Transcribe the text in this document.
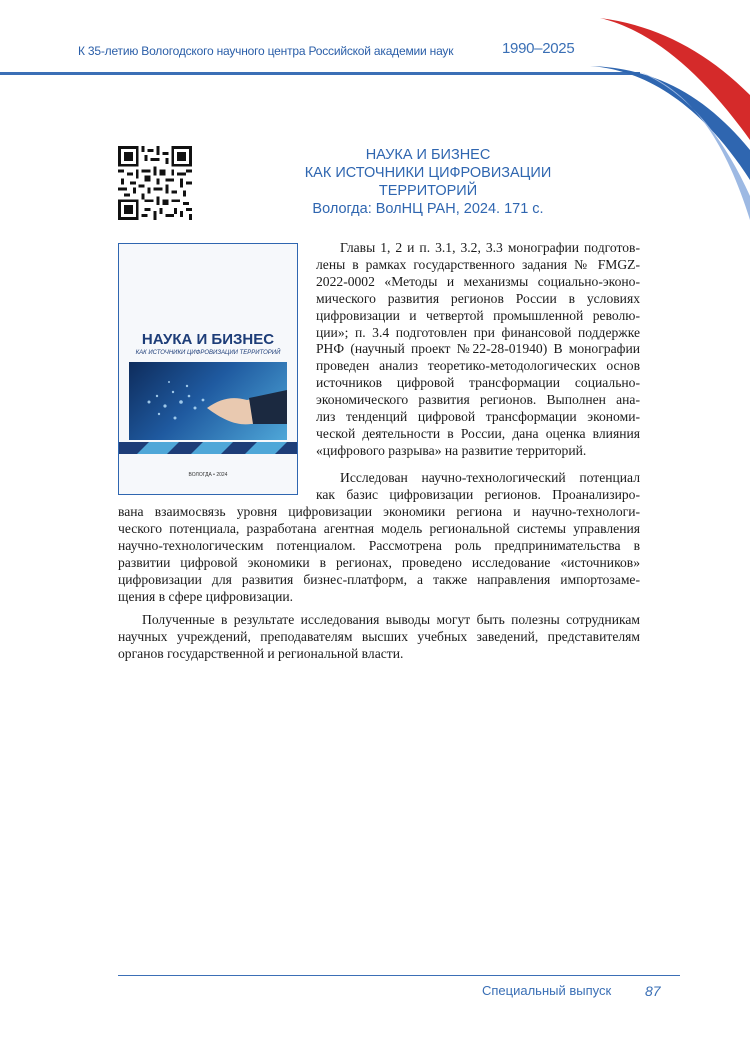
К 35-летию Вологодского научного центра Российской академии наук	1990–2025
НАУКА И БИЗНЕС
КАК ИСТОЧНИКИ ЦИФРОВИЗАЦИИ ТЕРРИТОРИЙ
Вологда: ВолНЦ РАН, 2024. 171 с.
НАУКА И БИЗНЕС
КАК ИСТОЧНИКИ ЦИФРОВИЗАЦИИ ТЕРРИТОРИЙ
ВОЛОГДА • 2024
Главы 1, 2 и п. 3.1, 3.2, 3.3 монографии подготов-
лены в рамках государственного задания № FMGZ-
2022-0002 «Методы и механизмы социально-эконо-
мического развития регионов России в условиях
цифровизации и четвертой промышленной револю-
ции»; п. 3.4 подготовлен при финансовой поддержке
РНФ (научный проект №22-28-01940) В монографии
проведен анализ теоретико-методологических основ
источников цифровой трансформации социально-
экономического развития регионов. Выполнен ана-
лиз тенденций цифровой трансформации экономи-
ческой деятельности в России, дана оценка влияния
«цифрового разрыва» на развитие территорий.
Исследован научно-технологический потенциал
как базис цифровизации регионов. Проанализиро-
вана взаимосвязь уровня цифровизации экономики региона и научно-технологи-
ческого потенциала, разработана агентная модель региональной системы управления
научно-технологическим потенциалом. Рассмотрена роль предпринимательства в
развитии цифровой экономики в регионах, проведено исследование «источников»
цифровизации для развития бизнес-платформ, а также направления импортозаме-
щения в сфере цифровизации.
Полученные в результате исследования выводы могут быть полезны сотрудникам
научных учреждений, преподавателям высших учебных заведений, представителям
органов государственной и региональной власти.
Специальный выпуск 87
